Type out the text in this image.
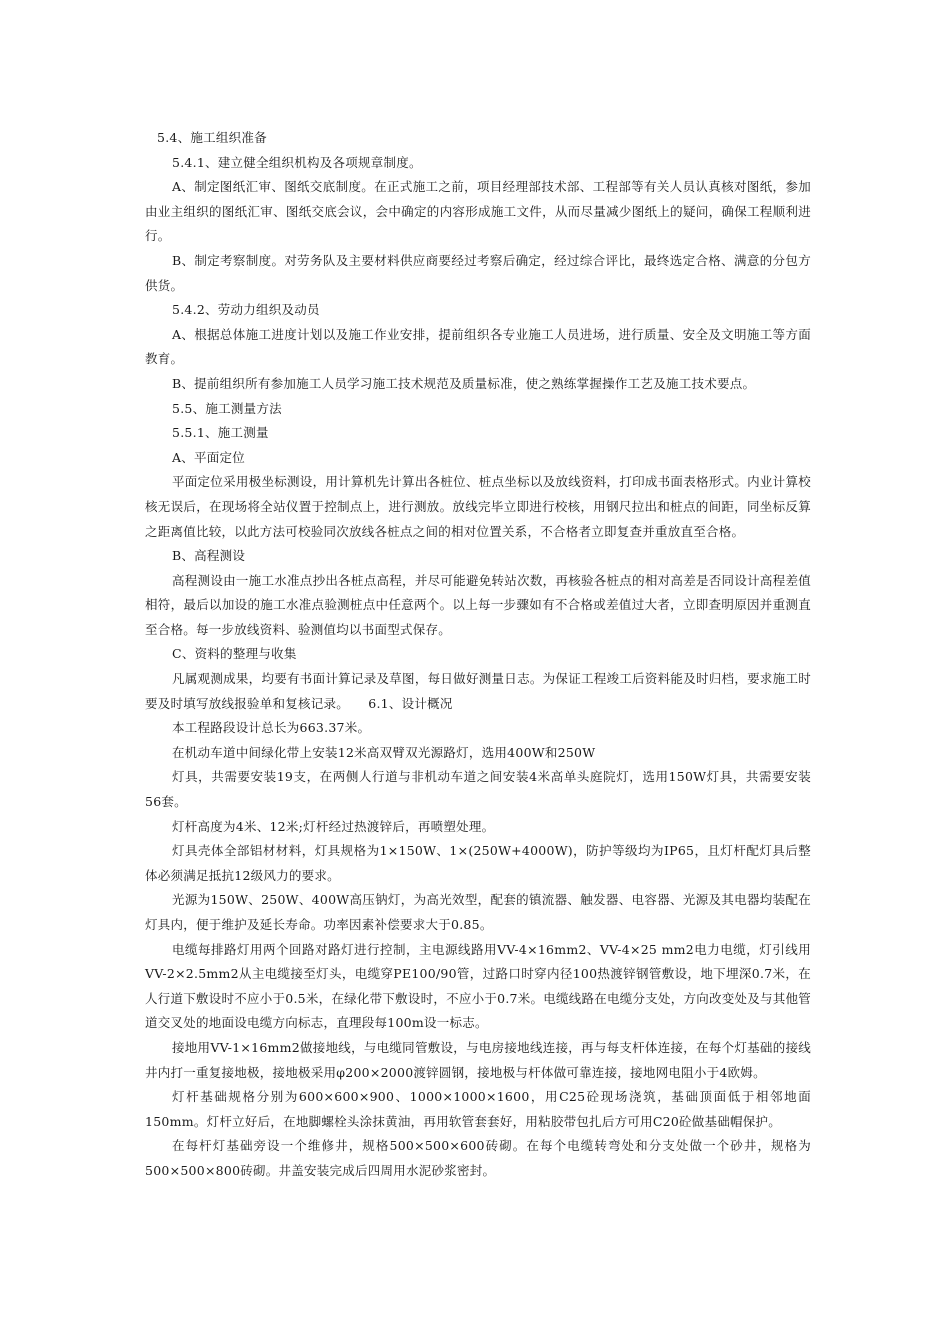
5.4、施工组织准备

5.4.1、建立健全组织机构及各项规章制度。

A、制定图纸汇审、图纸交底制度。在正式施工之前，项目经理部技术部、工程部等有关人员认真核对图纸，参加由业主组织的图纸汇审、图纸交底会议，会中确定的内容形成施工文件，从而尽量减少图纸上的疑问，确保工程顺利进行。

B、制定考察制度。对劳务队及主要材料供应商要经过考察后确定，经过综合评比，最终选定合格、满意的分包方供货。

5.4.2、劳动力组织及动员

A、根据总体施工进度计划以及施工作业安排，提前组织各专业施工人员进场，进行质量、安全及文明施工等方面教育。

B、提前组织所有参加施工人员学习施工技术规范及质量标准，使之熟练掌握操作工艺及施工技术要点。

5.5、施工测量方法

5.5.1、施工测量

A、平面定位

平面定位采用极坐标测设，用计算机先计算出各桩位、桩点坐标以及放线资料，打印成书面表格形式。内业计算校核无误后，在现场将全站仪置于控制点上，进行测放。放线完毕立即进行校核，用钢尺拉出和桩点的间距，同坐标反算之距离值比较，以此方法可校验同次放线各桩点之间的相对位置关系，不合格者立即复查并重放直至合格。

B、高程测设

高程测设由一施工水准点抄出各桩点高程，并尽可能避免转站次数，再核验各桩点的相对高差是否同设计高程差值相符，最后以加设的施工水准点验测桩点中任意两个。以上每一步骤如有不合格或差值过大者，立即查明原因并重测直至合格。每一步放线资料、验测值均以书面型式保存。

C、资料的整理与收集

凡属观测成果，均要有书面计算记录及草图，每日做好测量日志。为保证工程竣工后资料能及时归档，要求施工时要及时填写放线报验单和复核记录。　　6.1、设计概况

本工程路段设计总长为663.37米。

在机动车道中间绿化带上安装12米高双臂双光源路灯，选用400W和250W

灯具，共需要安装19支，在两侧人行道与非机动车道之间安装4米高单头庭院灯，选用150W灯具，共需要安装56套。

灯杆高度为4米、12米;灯杆经过热渡锌后，再喷塑处理。

灯具壳体全部铝材材料，灯具规格为1×150W、1×(250W+4000W)，防护等级均为IP65，且灯杆配灯具后整体必须满足抵抗12级风力的要求。

光源为150W、250W、400W高压钠灯，为高光效型，配套的镇流器、触发器、电容器、光源及其电器均装配在灯具内，便于维护及延长寿命。功率因素补偿要求大于0.85。

电缆每排路灯用两个回路对路灯进行控制，主电源线路用VV-4×16mm2、VV-4×25 mm2电力电缆，灯引线用VV-2×2.5mm2从主电缆接至灯头，电缆穿PE100/90管，过路口时穿内径100热渡锌钢管敷设，地下埋深0.7米，在人行道下敷设时不应小于0.5米，在绿化带下敷设时，不应小于0.7米。电缆线路在电缆分支处，方向改变处及与其他管道交叉处的地面设电缆方向标志，直理段每100m设一标志。

接地用VV-1×16mm2做接地线，与电缆同管敷设，与电房接地线连接，再与每支杆体连接，在每个灯基础的接线井内打一重复接地极，接地极采用φ200×2000渡锌圆钢，接地极与杆体做可靠连接，接地网电阻小于4欧姆。

灯杆基础规格分别为600×600×900、1000×1000×1600，用C25砼现场浇筑，基础顶面低于相邻地面150mm。灯杆立好后，在地脚螺栓头涂抹黄油，再用软管套套好，用粘胶带包扎后方可用C20砼做基础帽保护。

在每杆灯基础旁设一个维修井，规格500×500×600砖砌。在每个电缆转弯处和分支处做一个砂井，规格为500×500×800砖砌。井盖安装完成后四周用水泥砂浆密封。
